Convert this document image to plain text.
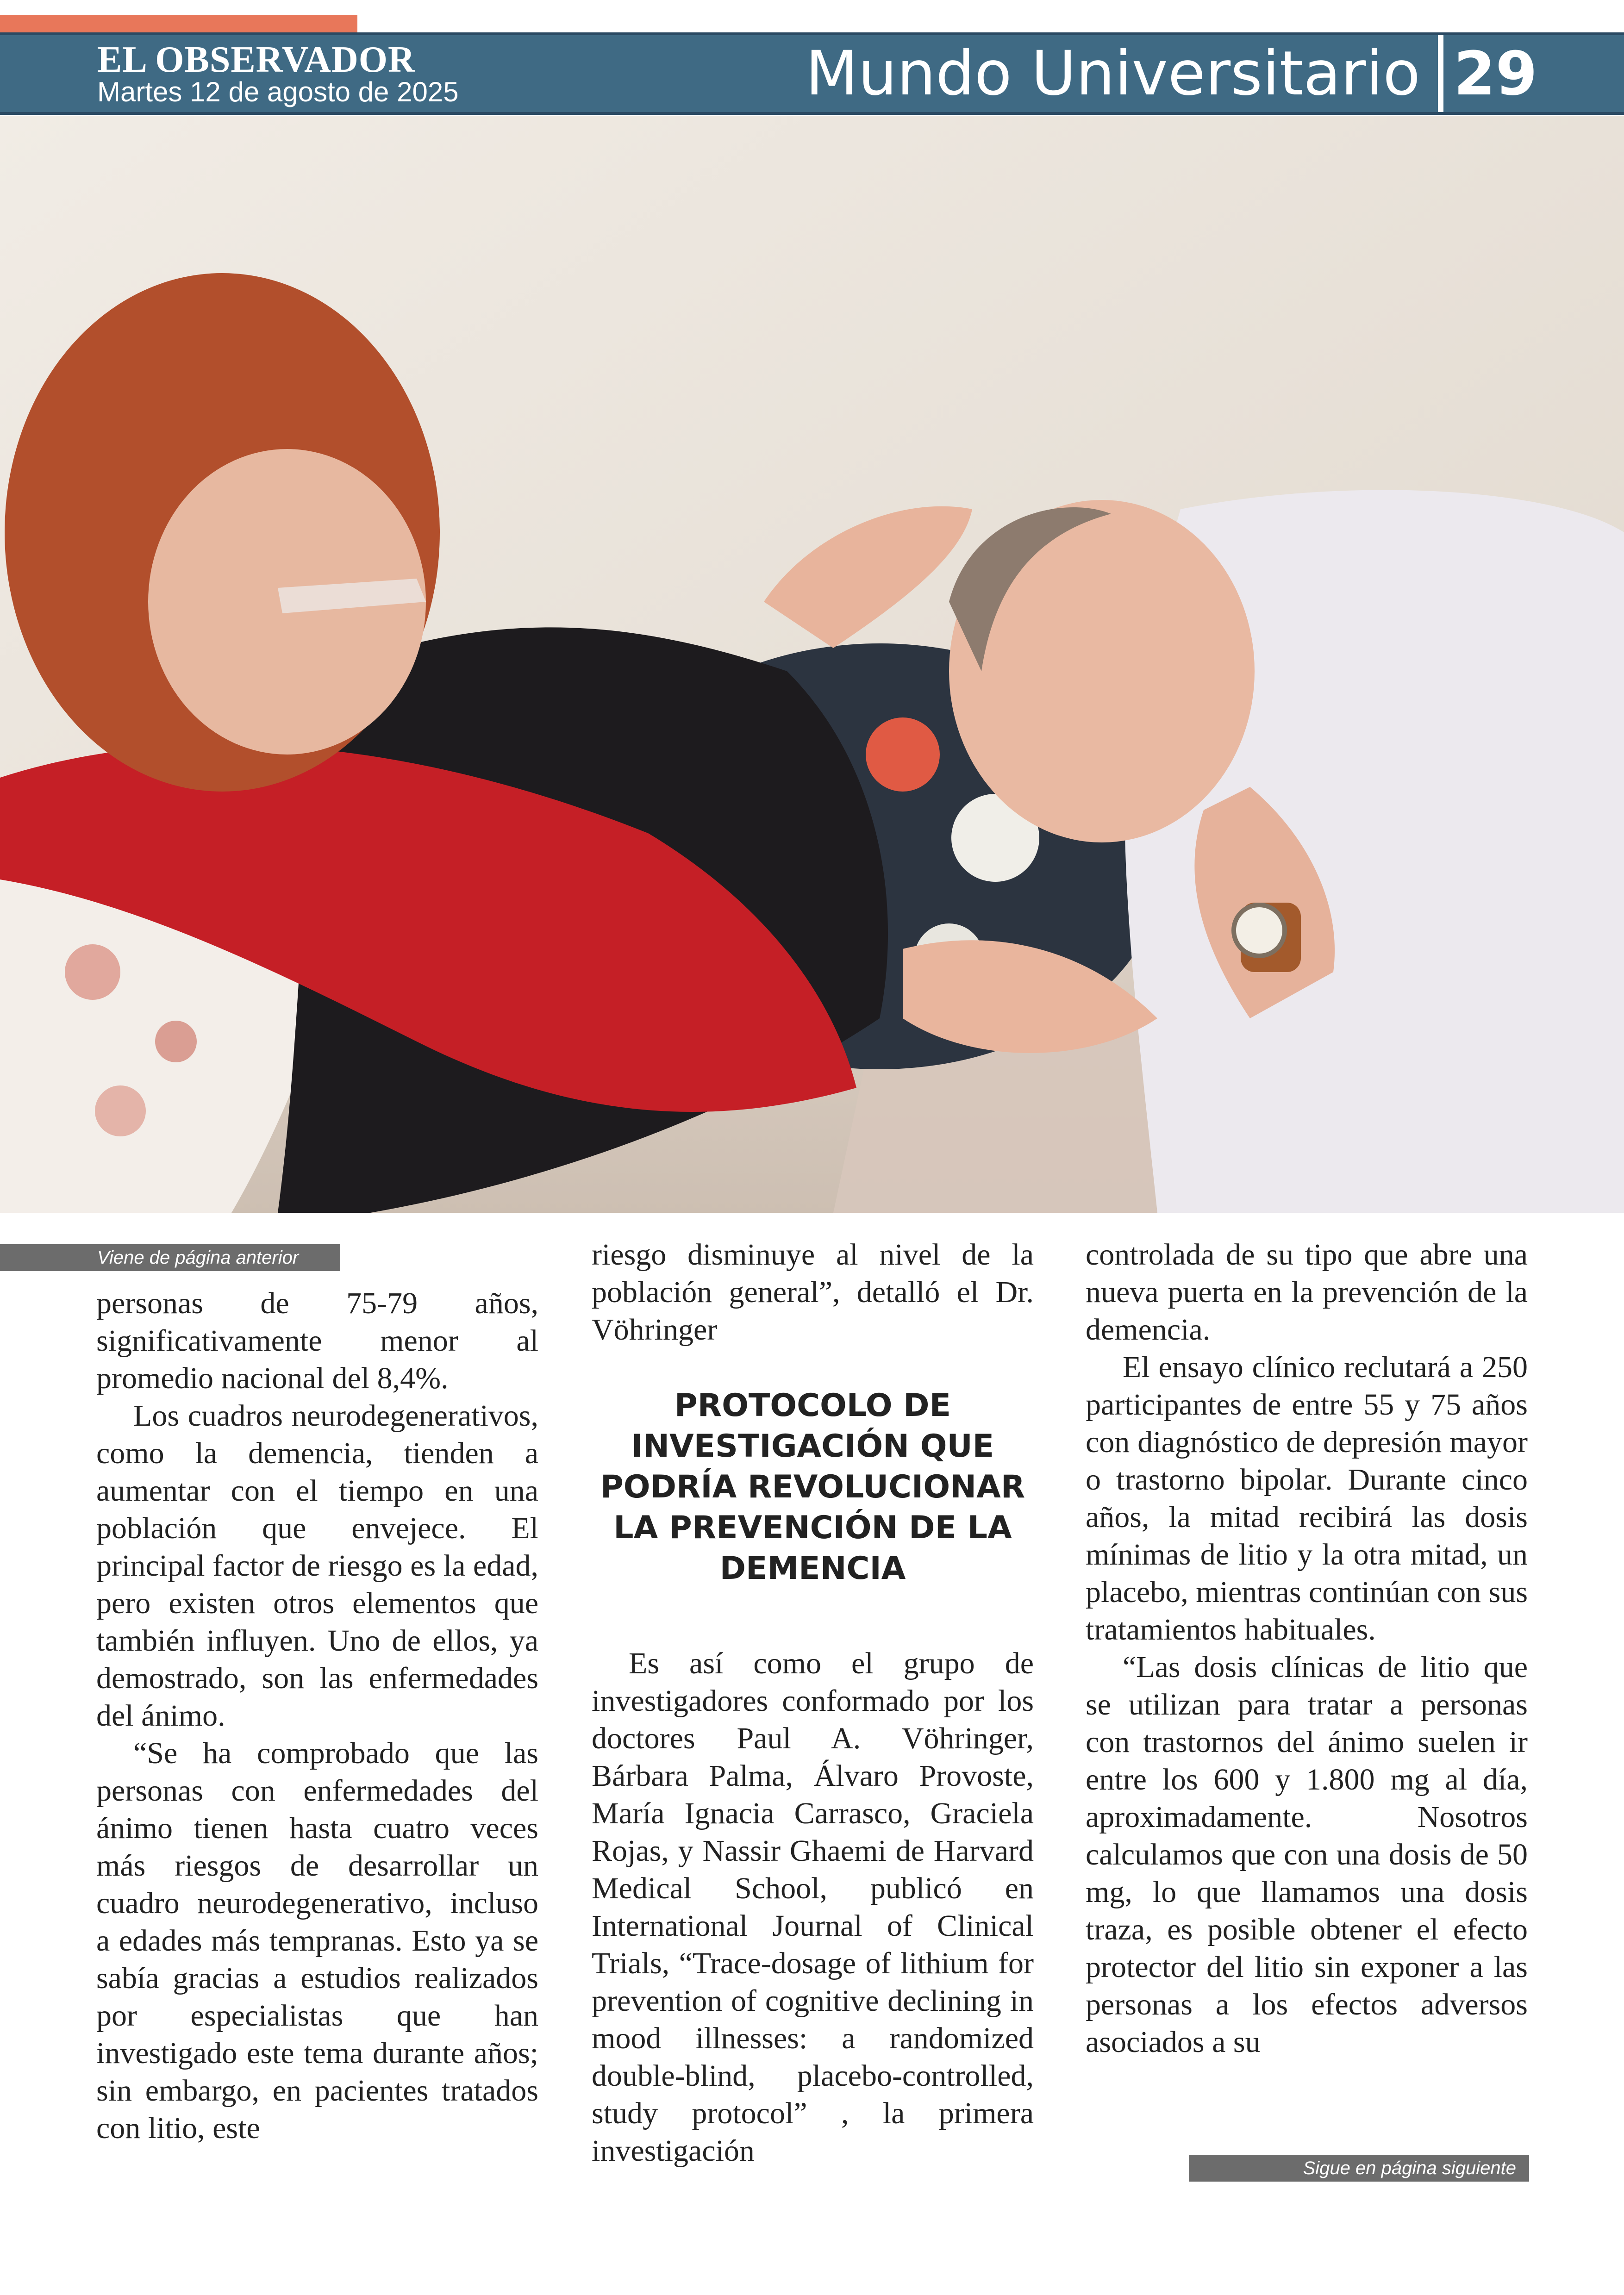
EL OBSERVADOR
Martes 12 de agosto de 2025	Mundo Universitario 29
Viene de página anterior

personas de 75-79 años, significativamente menor al promedio nacional del 8,4%.

Los cuadros neurodegenerativos, como la demencia, tienden a aumentar con el tiempo en una población que envejece. El principal factor de riesgo es la edad, pero existen otros elementos que también influyen. Uno de ellos, ya demostrado, son las enfermedades del ánimo.

“Se ha comprobado que las personas con enfermedades del ánimo tienen hasta cuatro veces más riesgos de desarrollar un cuadro neurodegenerativo, incluso a edades más tempranas. Esto ya se sabía gracias a estudios realizados por especialistas que han investigado este tema durante años; sin embargo, en pacientes tratados con litio, este

riesgo disminuye al nivel de la población general”, detalló el Dr. Vöhringer

PROTOCOLO DE INVESTIGACIÓN QUE PODRÍA REVOLUCIONAR LA PREVENCIÓN DE LA DEMENCIA

Es así como el grupo de investigadores conformado por los doctores Paul A. Vöhringer, Bárbara Palma, Álvaro Provoste, María Ignacia Carrasco, Graciela Rojas, y Nassir Ghaemi de Harvard Medical School, publicó en International Journal of Clinical Trials, “Trace-dosage of lithium for prevention of cognitive declining in mood illnesses: a randomized double-blind, placebo-controlled, study protocol” , la primera investigación

controlada de su tipo que abre una nueva puerta en la prevención de la demencia.

El ensayo clínico reclutará a 250 participantes de entre 55 y 75 años con diagnóstico de depresión mayor o trastorno bipolar. Durante cinco años, la mitad recibirá las dosis mínimas de litio y la otra mitad, un placebo, mientras continúan con sus tratamientos habituales.

“Las dosis clínicas de litio que se utilizan para tratar a personas con trastornos del ánimo suelen ir entre los 600 y 1.800 mg al día, aproximadamente. Nosotros calculamos que con una dosis de 50 mg, lo que llamamos una dosis traza, es posible obtener el efecto protector del litio sin exponer a las personas a los efectos adversos asociados a su

Sigue en página siguiente
